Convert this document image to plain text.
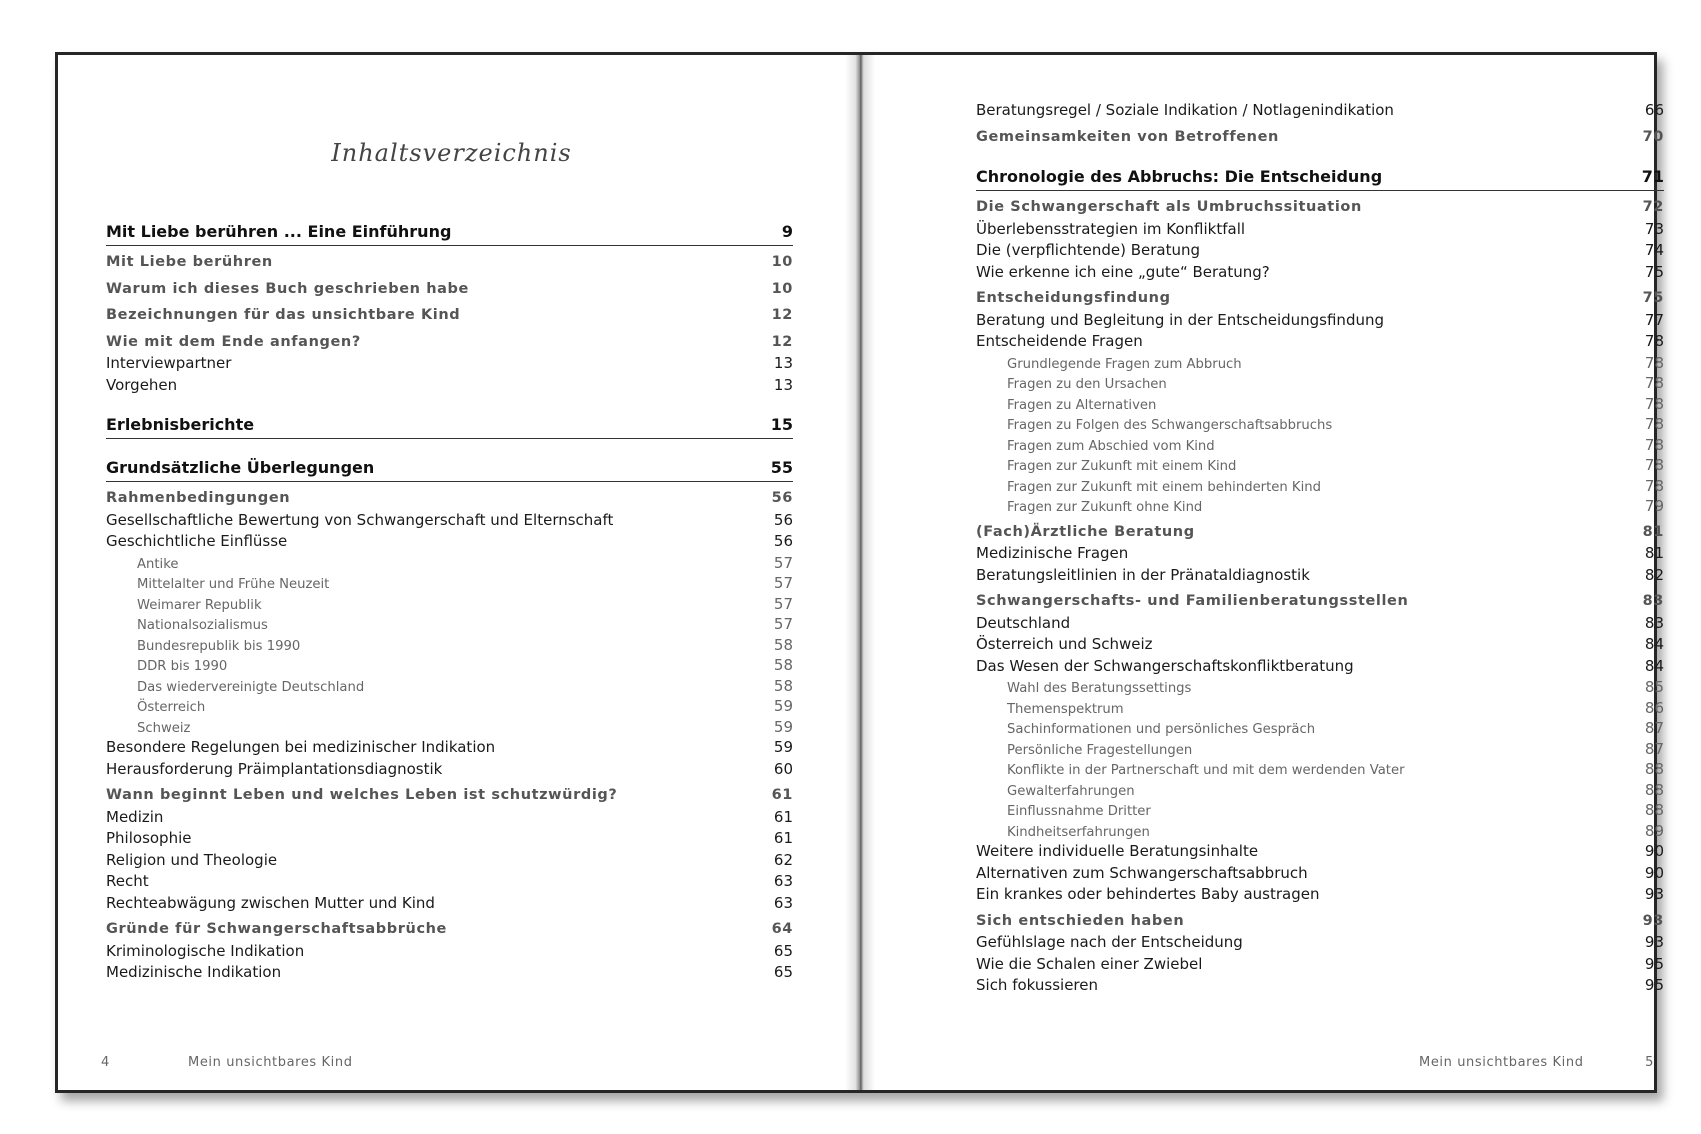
Inhaltsverzeichnis
Mit Liebe berühren ... Eine Einführung	9
Mit Liebe berühren	10
Warum ich dieses Buch geschrieben habe	10
Bezeichnungen für das unsichtbare Kind	12
Wie mit dem Ende anfangen?	12
Interviewpartner	13
Vorgehen	13
Erlebnisberichte	15
Grundsätzliche Überlegungen	55
Rahmenbedingungen	56
Gesellschaftliche Bewertung von Schwangerschaft und Elternschaft	56
Geschichtliche Einflüsse	56
Antike	57
Mittelalter und Frühe Neuzeit	57
Weimarer Republik	57
Nationalsozialismus	57
Bundesrepublik bis 1990	58
DDR bis 1990	58
Das wiedervereinigte Deutschland	58
Österreich	59
Schweiz	59
Besondere Regelungen bei medizinischer Indikation	59
Herausforderung Präimplantationsdiagnostik	60
Wann beginnt Leben und welches Leben ist schutzwürdig?	61
Medizin	61
Philosophie	61
Religion und Theologie	62
Recht	63
Rechteabwägung zwischen Mutter und Kind	63
Gründe für Schwangerschaftsabbrüche	64
Kriminologische Indikation	65
Medizinische Indikation	65
4	Mein unsichtbares Kind
Beratungsregel / Soziale Indikation / Notlagenindikation	66
Gemeinsamkeiten von Betroffenen	70
Chronologie des Abbruchs: Die Entscheidung	71
Die Schwangerschaft als Umbruchssituation	72
Überlebensstrategien im Konfliktfall	73
Die (verpflichtende) Beratung	74
Wie erkenne ich eine „gute“ Beratung?	75
Entscheidungsfindung	75
Beratung und Begleitung in der Entscheidungsfindung	77
Entscheidende Fragen	78
Grundlegende Fragen zum Abbruch	78
Fragen zu den Ursachen	78
Fragen zu Alternativen	78
Fragen zu Folgen des Schwangerschaftsabbruchs	78
Fragen zum Abschied vom Kind	78
Fragen zur Zukunft mit einem Kind	78
Fragen zur Zukunft mit einem behinderten Kind	78
Fragen zur Zukunft ohne Kind	79
(Fach)Ärztliche Beratung	81
Medizinische Fragen	81
Beratungsleitlinien in der Pränataldiagnostik	82
Schwangerschafts- und Familienberatungsstellen	83
Deutschland	83
Österreich und Schweiz	84
Das Wesen der Schwangerschaftskonfliktberatung	84
Wahl des Beratungssettings	85
Themenspektrum	86
Sachinformationen und persönliches Gespräch	87
Persönliche Fragestellungen	87
Konflikte in der Partnerschaft und mit dem werdenden Vater	88
Gewalterfahrungen	88
Einflussnahme Dritter	88
Kindheitserfahrungen	89
Weitere individuelle Beratungsinhalte	90
Alternativen zum Schwangerschaftsabbruch	90
Ein krankes oder behindertes Baby austragen	93
Sich entschieden haben	93
Gefühlslage nach der Entscheidung	93
Wie die Schalen einer Zwiebel	95
Sich fokussieren	95
Mein unsichtbares Kind	5
